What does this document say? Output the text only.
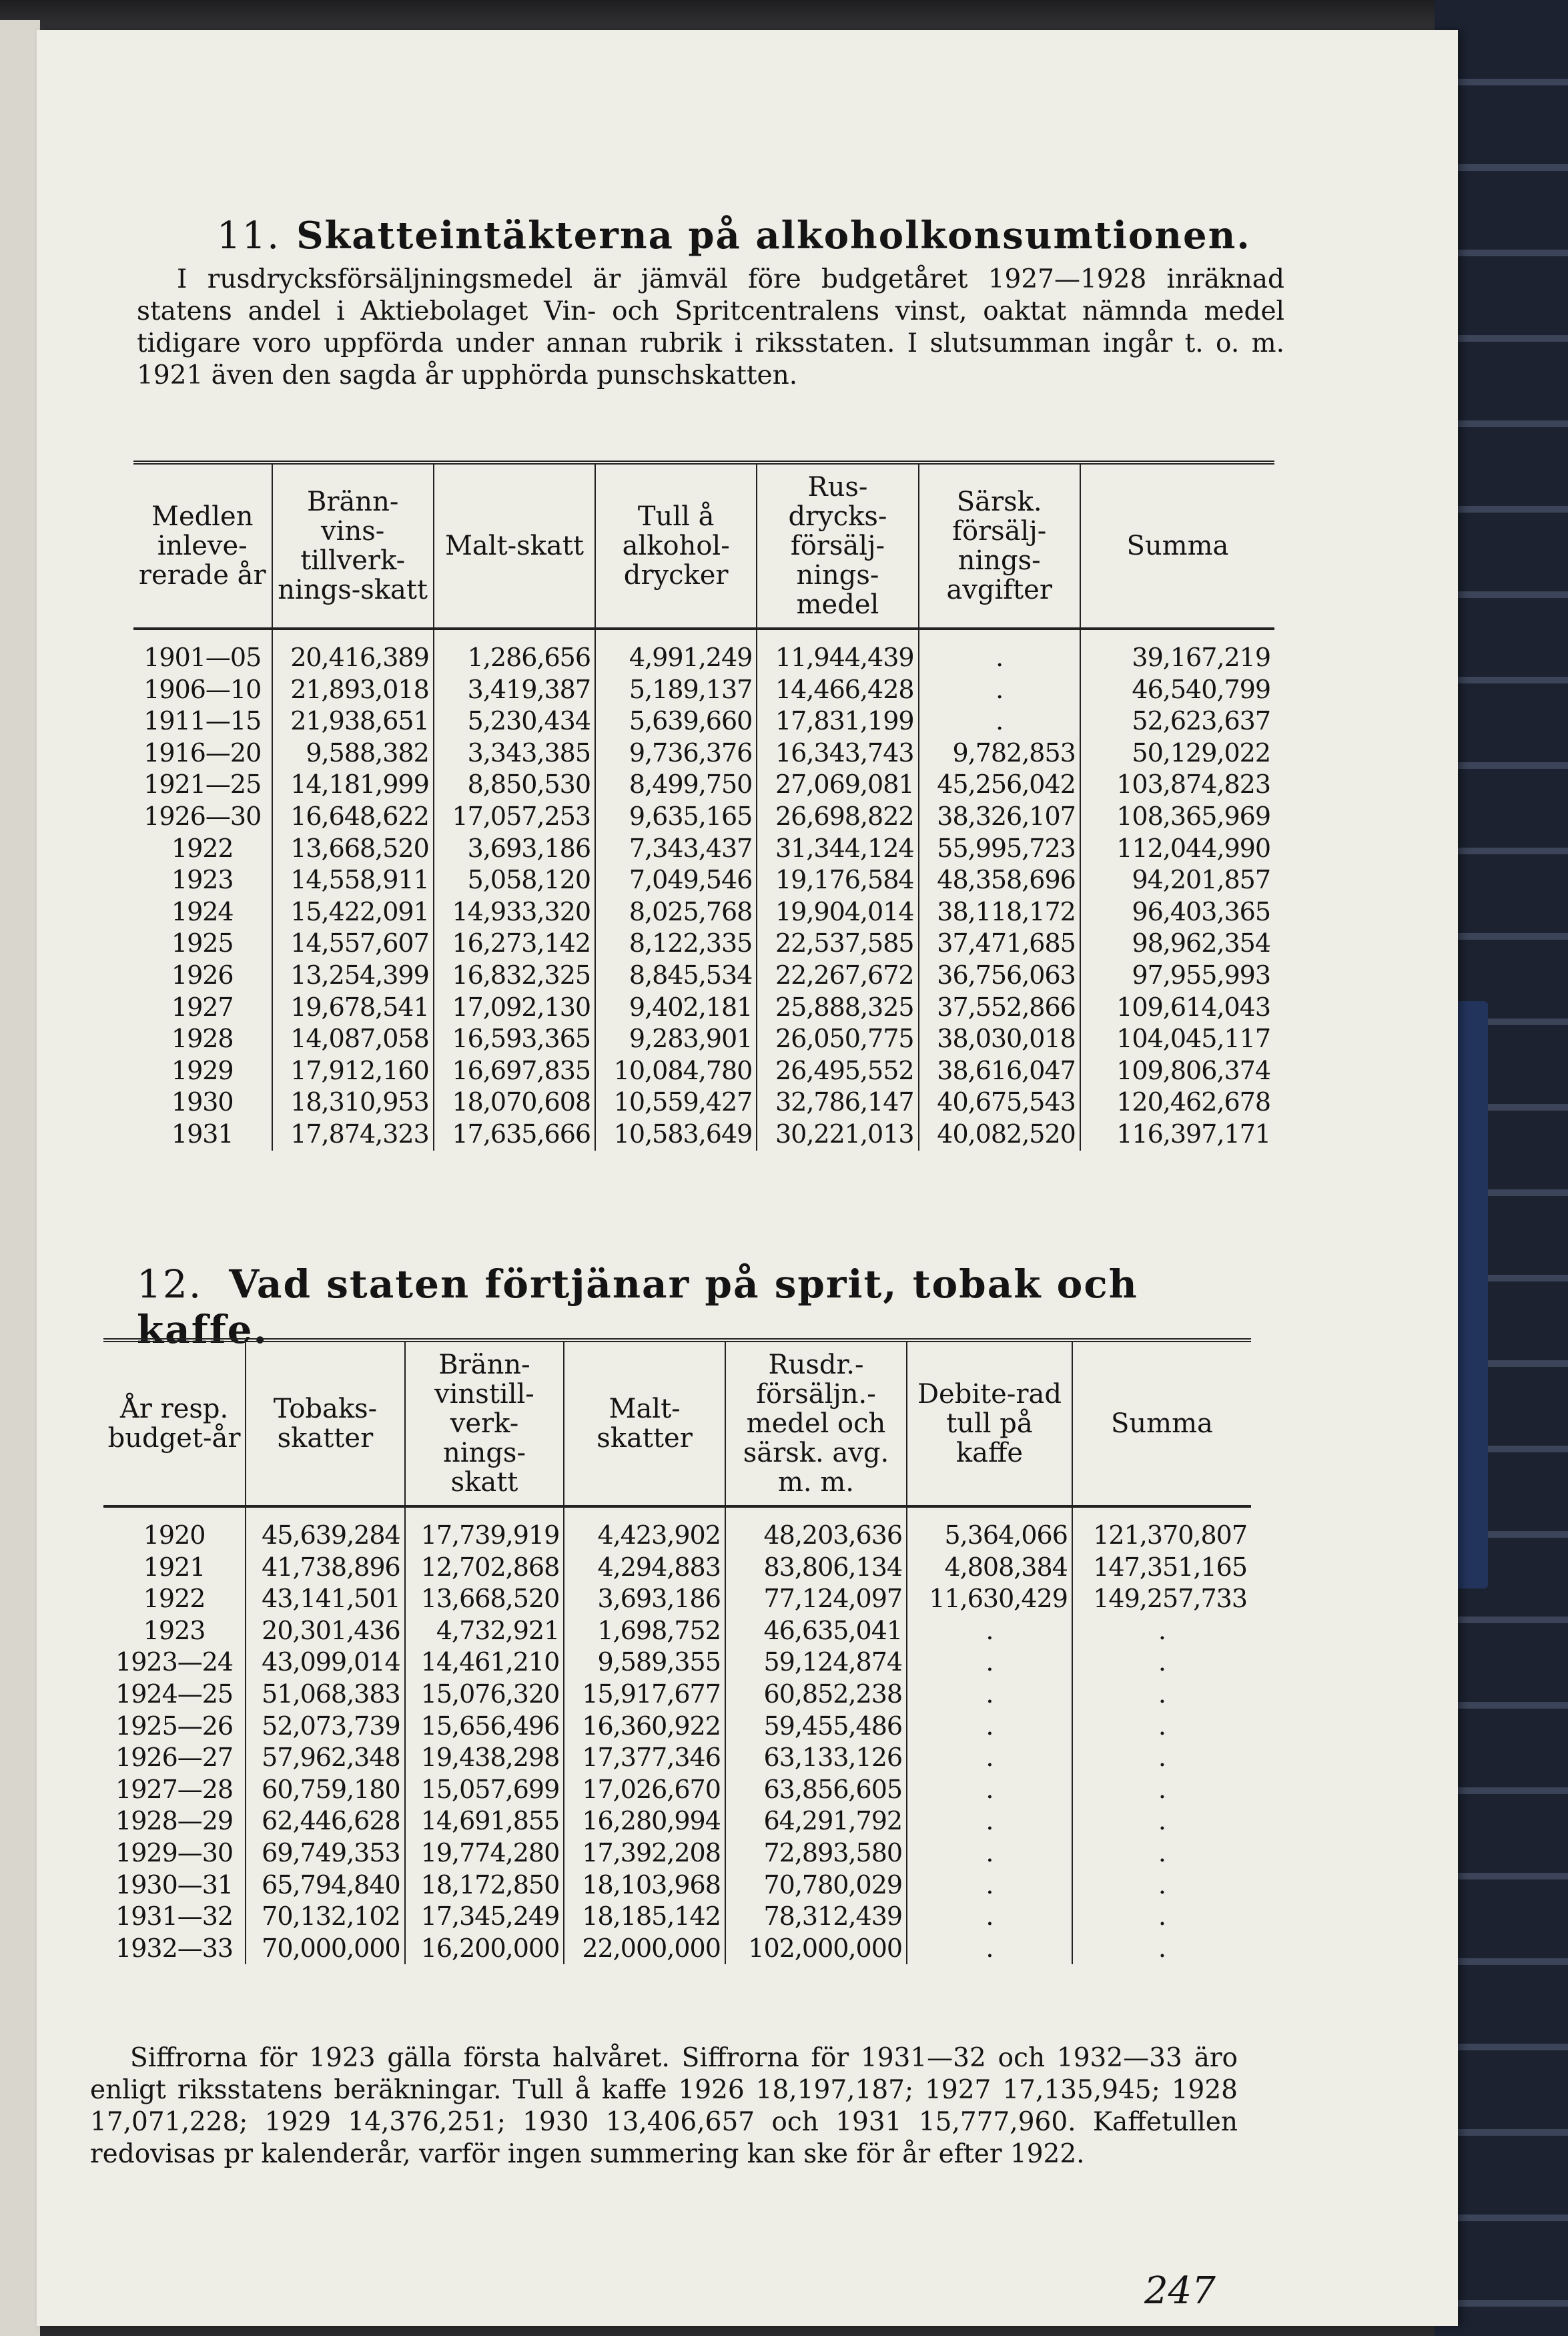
11. Skatteintäkterna på alkoholkonsumtionen.

I rusdrycksförsäljningsmedel är jämväl före budgetåret 1927—1928 inräknad statens andel i Aktiebolaget Vin- och Spritcentralens vinst, oaktat nämnda medel tidigare voro uppförda under annan rubrik i riksstaten. I slutsumman ingår t. o. m. 1921 även den sagda år upphörda punschskatten.

Medlen inleve-rerade år	Bränn-vins-tillverk-nings-skatt	Malt-skatt	Tull å alkohol-drycker	Rus-drycks-försälj-nings-medel	Särsk. försälj-nings-avgifter	Summa
1901—05	20,416,389	1,286,656	4,991,249	11,944,439	.	39,167,219
1906—10	21,893,018	3,419,387	5,189,137	14,466,428	.	46,540,799
1911—15	21,938,651	5,230,434	5,639,660	17,831,199	.	52,623,637
1916—20	9,588,382	3,343,385	9,736,376	16,343,743	9,782,853	50,129,022
1921—25	14,181,999	8,850,530	8,499,750	27,069,081	45,256,042	103,874,823
1926—30	16,648,622	17,057,253	9,635,165	26,698,822	38,326,107	108,365,969
1922	13,668,520	3,693,186	7,343,437	31,344,124	55,995,723	112,044,990
1923	14,558,911	5,058,120	7,049,546	19,176,584	48,358,696	94,201,857
1924	15,422,091	14,933,320	8,025,768	19,904,014	38,118,172	96,403,365
1925	14,557,607	16,273,142	8,122,335	22,537,585	37,471,685	98,962,354
1926	13,254,399	16,832,325	8,845,534	22,267,672	36,756,063	97,955,993
1927	19,678,541	17,092,130	9,402,181	25,888,325	37,552,866	109,614,043
1928	14,087,058	16,593,365	9,283,901	26,050,775	38,030,018	104,045,117
1929	17,912,160	16,697,835	10,084,780	26,495,552	38,616,047	109,806,374
1930	18,310,953	18,070,608	10,559,427	32,786,147	40,675,543	120,462,678
1931	17,874,323	17,635,666	10,583,649	30,221,013	40,082,520	116,397,171
12. Vad staten förtjänar på sprit, tobak och kaffe.
År resp. budget-år	Tobaks-skatter	Bränn-vinstill-verk-nings-skatt	Malt-skatter	Rusdr.-försäljn.-medel och särsk. avg. m. m.	Debite-rad tull på kaffe	Summa
1920	45,639,284	17,739,919	4,423,902	48,203,636	5,364,066	121,370,807
1921	41,738,896	12,702,868	4,294,883	83,806,134	4,808,384	147,351,165
1922	43,141,501	13,668,520	3,693,186	77,124,097	11,630,429	149,257,733
1923	20,301,436	4,732,921	1,698,752	46,635,041	.	.
1923—24	43,099,014	14,461,210	9,589,355	59,124,874	.	.
1924—25	51,068,383	15,076,320	15,917,677	60,852,238	.	.
1925—26	52,073,739	15,656,496	16,360,922	59,455,486	.	.
1926—27	57,962,348	19,438,298	17,377,346	63,133,126	.	.
1927—28	60,759,180	15,057,699	17,026,670	63,856,605	.	.
1928—29	62,446,628	14,691,855	16,280,994	64,291,792	.	.
1929—30	69,749,353	19,774,280	17,392,208	72,893,580	.	.
1930—31	65,794,840	18,172,850	18,103,968	70,780,029	.	.
1931—32	70,132,102	17,345,249	18,185,142	78,312,439	.	.
1932—33	70,000,000	16,200,000	22,000,000	102,000,000	.	.

Siffrorna för 1923 gälla första halvåret. Siffrorna för 1931—32 och 1932—33 äro enligt riksstatens beräkningar. Tull å kaffe 1926 18,197,187; 1927 17,135,945; 1928 17,071,228; 1929 14,376,251; 1930 13,406,657 och 1931 15,777,960. Kaffetullen redovisas pr kalenderår, varför ingen summering kan ske för år efter 1922.

247
